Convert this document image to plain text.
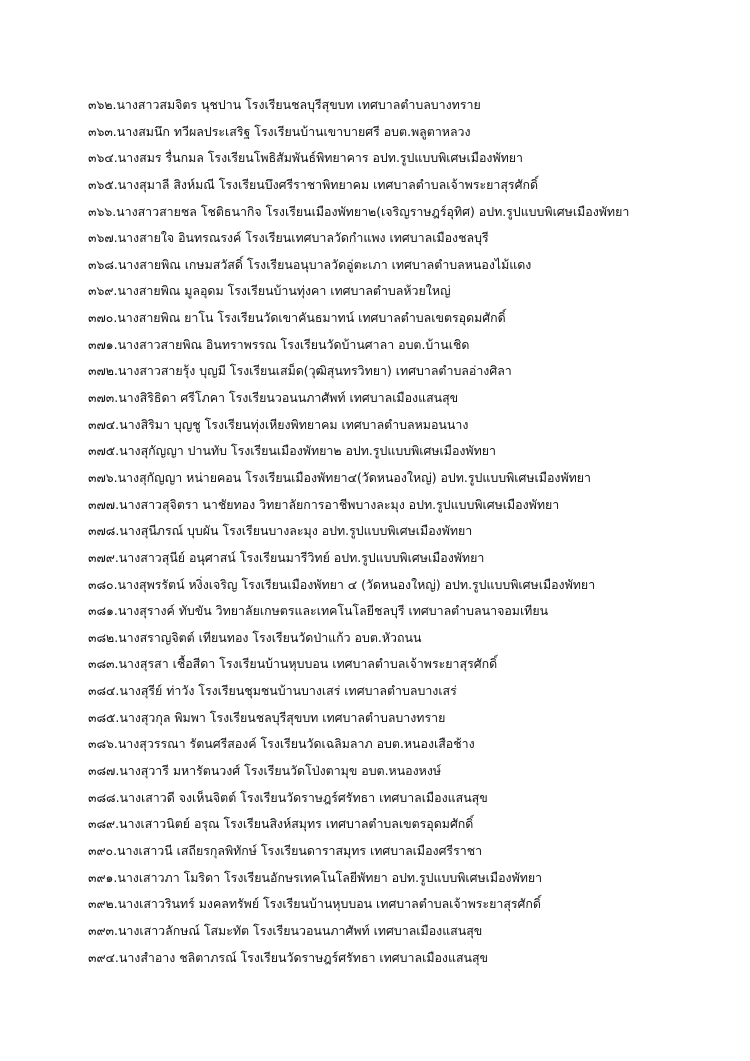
๓๖๒.นางสาวสมจิตร นุชปาน โรงเรียนชลบุรีสุขบท เทศบาลตำบลบางทราย
๓๖๓.นางสมนึก ทวีผลประเสริฐ โรงเรียนบ้านเขาบายศรี อบต.พลูตาหลวง
๓๖๔.นางสมร รื่นกมล โรงเรียนโพธิสัมพันธ์พิทยาคาร อปท.รูปแบบพิเศษเมืองพัทยา
๓๖๕.นางสุมาลี สิงห์มณี โรงเรียนบึงศรีราชาพิทยาคม เทศบาลตำบลเจ้าพระยาสุรศักดิ์
๓๖๖.นางสาวสายชล โชติธนากิจ โรงเรียนเมืองพัทยา๒(เจริญราษฎร์อุทิศ) อปท.รูปแบบพิเศษเมืองพัทยา
๓๖๗.นางสายใจ อินทรณรงค์ โรงเรียนเทศบาลวัดกำแพง เทศบาลเมืองชลบุรี
๓๖๘.นางสายพิณ เกษมสวัสดิ์ โรงเรียนอนุบาลวัดอู่ตะเภา เทศบาลตำบลหนองไม้แดง
๓๖๙.นางสายพิณ มูลอุดม โรงเรียนบ้านทุ่งคา เทศบาลตำบลห้วยใหญ่
๓๗๐.นางสายพิณ ยาโน โรงเรียนวัดเขาคันธมาทน์ เทศบาลตำบลเขตรอุดมศักดิ์
๓๗๑.นางสาวสายพิณ อินทราพรรณ โรงเรียนวัดบ้านศาลา อบต.บ้านเชิด
๓๗๒.นางสาวสายรุ้ง บุญมี โรงเรียนเสม็ด(วุฒิสุนทรวิทยา) เทศบาลตำบลอ่างศิลา
๓๗๓.นางสิริธิดา ศรีโภคา โรงเรียนวอนนภาศัพท์ เทศบาลเมืองแสนสุข
๓๗๔.นางสิริมา บุญชู โรงเรียนทุ่งเหียงพิทยาคม เทศบาลตำบลหมอนนาง
๓๗๕.นางสุกัญญา ปานทับ โรงเรียนเมืองพัทยา๒ อปท.รูปแบบพิเศษเมืองพัทยา
๓๗๖.นางสุกัญญา หน่ายคอน โรงเรียนเมืองพัทยา๔(วัดหนองใหญ่) อปท.รูปแบบพิเศษเมืองพัทยา
๓๗๗.นางสาวสุจิตรา นาชัยทอง วิทยาลัยการอาชีพบางละมุง อปท.รูปแบบพิเศษเมืองพัทยา
๓๗๘.นางสุนีภรณ์ บุบผัน โรงเรียนบางละมุง อปท.รูปแบบพิเศษเมืองพัทยา
๓๗๙.นางสาวสุนีย์ อนุศาสน์ โรงเรียนมารีวิทย์ อปท.รูปแบบพิเศษเมืองพัทยา
๓๘๐.นางสุพรรัตน์ หงิ่งเจริญ โรงเรียนเมืองพัทยา ๔ (วัดหนองใหญ่) อปท.รูปแบบพิเศษเมืองพัทยา
๓๘๑.นางสุรางค์ ทับขัน วิทยาลัยเกษตรและเทคโนโลยีชลบุรี เทศบาลตำบลนาจอมเทียน
๓๘๒.นางสราญจิตต์ เทียนทอง โรงเรียนวัดป่าแก้ว อบต.หัวถนน
๓๘๓.นางสุรสา เชื้อสีดา โรงเรียนบ้านหุบบอน เทศบาลตำบลเจ้าพระยาสุรศักดิ์
๓๘๔.นางสุรีย์ ท่าวัง โรงเรียนชุมชนบ้านบางเสร่ เทศบาลตำบลบางเสร่
๓๘๕.นางสุวกุล พิมพา โรงเรียนชลบุรีสุขบท เทศบาลตำบลบางทราย
๓๘๖.นางสุวรรณา รัตนศรีสองค์ โรงเรียนวัดเฉลิมลาภ อบต.หนองเสือช้าง
๓๘๗.นางสุวารี มหารัตนวงศ์ โรงเรียนวัดโป่งตามุข อบต.หนองหงษ์
๓๘๘.นางเสาวดี จงเห็นจิตต์ โรงเรียนวัดราษฎร์ศรัทธา เทศบาลเมืองแสนสุข
๓๘๙.นางเสาวนิตย์ อรุณ โรงเรียนสิงห์สมุทร เทศบาลตำบลเขตรอุดมศักดิ์
๓๙๐.นางเสาวนี เสถียรกุลพิทักษ์ โรงเรียนดาราสมุทร เทศบาลเมืองศรีราชา
๓๙๑.นางเสาวภา โมริดา โรงเรียนอักษรเทคโนโลยีพัทยา อปท.รูปแบบพิเศษเมืองพัทยา
๓๙๒.นางเสาวรินทร์ มงคลทรัพย์ โรงเรียนบ้านหุบบอน เทศบาลตำบลเจ้าพระยาสุรศักดิ์
๓๙๓.นางเสาวลักษณ์ โสมะทัต โรงเรียนวอนนภาศัพท์ เทศบาลเมืองแสนสุข
๓๙๔.นางสำอาง ชลิตาภรณ์ โรงเรียนวัดราษฎร์ศรัทธา เทศบาลเมืองแสนสุข
